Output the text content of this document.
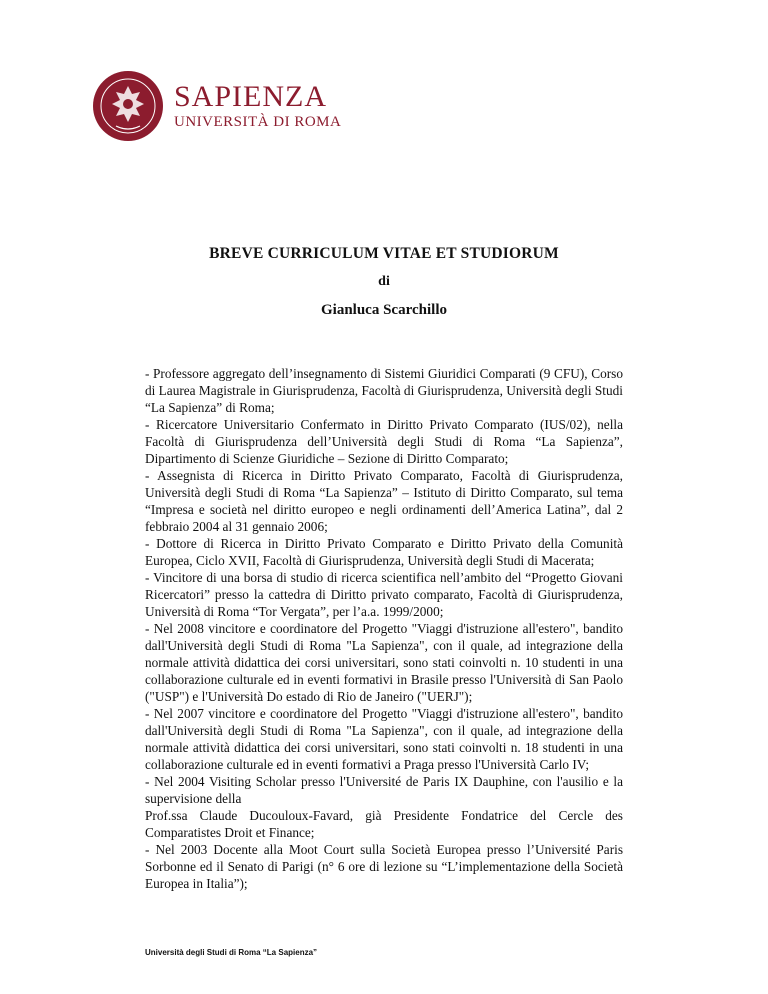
SAPIENZA
UNIVERSITÀ DI ROMA
BREVE CURRICULUM VITAE ET STUDIORUM
di
Gianluca Scarchillo

- Professore aggregato dell’insegnamento di Sistemi Giuridici Comparati (9 CFU), Corso di Laurea Magistrale in Giurisprudenza, Facoltà di Giurisprudenza, Università degli Studi “La Sapienza” di Roma;

- Ricercatore Universitario Confermato in Diritto Privato Comparato (IUS/02), nella Facoltà di Giurisprudenza dell’Università degli Studi di Roma “La Sapienza”, Dipartimento di Scienze Giuridiche – Sezione di Diritto Comparato;

- Assegnista di Ricerca in Diritto Privato Comparato, Facoltà di Giurisprudenza, Università degli Studi di Roma “La Sapienza” – Istituto di Diritto Comparato, sul tema “Impresa e società nel diritto europeo e negli ordinamenti dell’America Latina”, dal 2 febbraio 2004 al 31 gennaio 2006;

- Dottore di Ricerca in Diritto Privato Comparato e Diritto Privato della Comunità Europea, Ciclo XVII, Facoltà di Giurisprudenza, Università degli Studi di Macerata;

- Vincitore di una borsa di studio di ricerca scientifica nell’ambito del “Progetto Giovani Ricercatori” presso la cattedra di Diritto privato comparato, Facoltà di Giurisprudenza, Università di Roma “Tor Vergata”, per l’a.a. 1999/2000;

- Nel 2008 vincitore e coordinatore del Progetto "Viaggi d'istruzione all'estero", bandito dall'Università degli Studi di Roma "La Sapienza", con il quale, ad integrazione della normale attività didattica dei corsi universitari, sono stati coinvolti n. 10 studenti in una collaborazione culturale ed in eventi formativi in Brasile presso l'Università di San Paolo ("USP") e l'Università Do estado di Rio de Janeiro ("UERJ");

- Nel 2007 vincitore e coordinatore del Progetto "Viaggi d'istruzione all'estero", bandito dall'Università degli Studi di Roma "La Sapienza", con il quale, ad integrazione della normale attività didattica dei corsi universitari, sono stati coinvolti n. 18 studenti in una collaborazione culturale ed in eventi formativi a Praga presso l'Università Carlo IV;

- Nel 2004 Visiting Scholar presso l'Université de Paris IX Dauphine, con l'ausilio e la supervisione della

Prof.ssa Claude Ducouloux-Favard, già Presidente Fondatrice del Cercle des Comparatistes Droit et Finance;

- Nel 2003 Docente alla Moot Court sulla Società Europea presso l’Université Paris Sorbonne ed il Senato di Parigi (n° 6 ore di lezione su “L’implementazione della Società Europea in Italia”);

Università degli Studi di Roma “La Sapienza”
